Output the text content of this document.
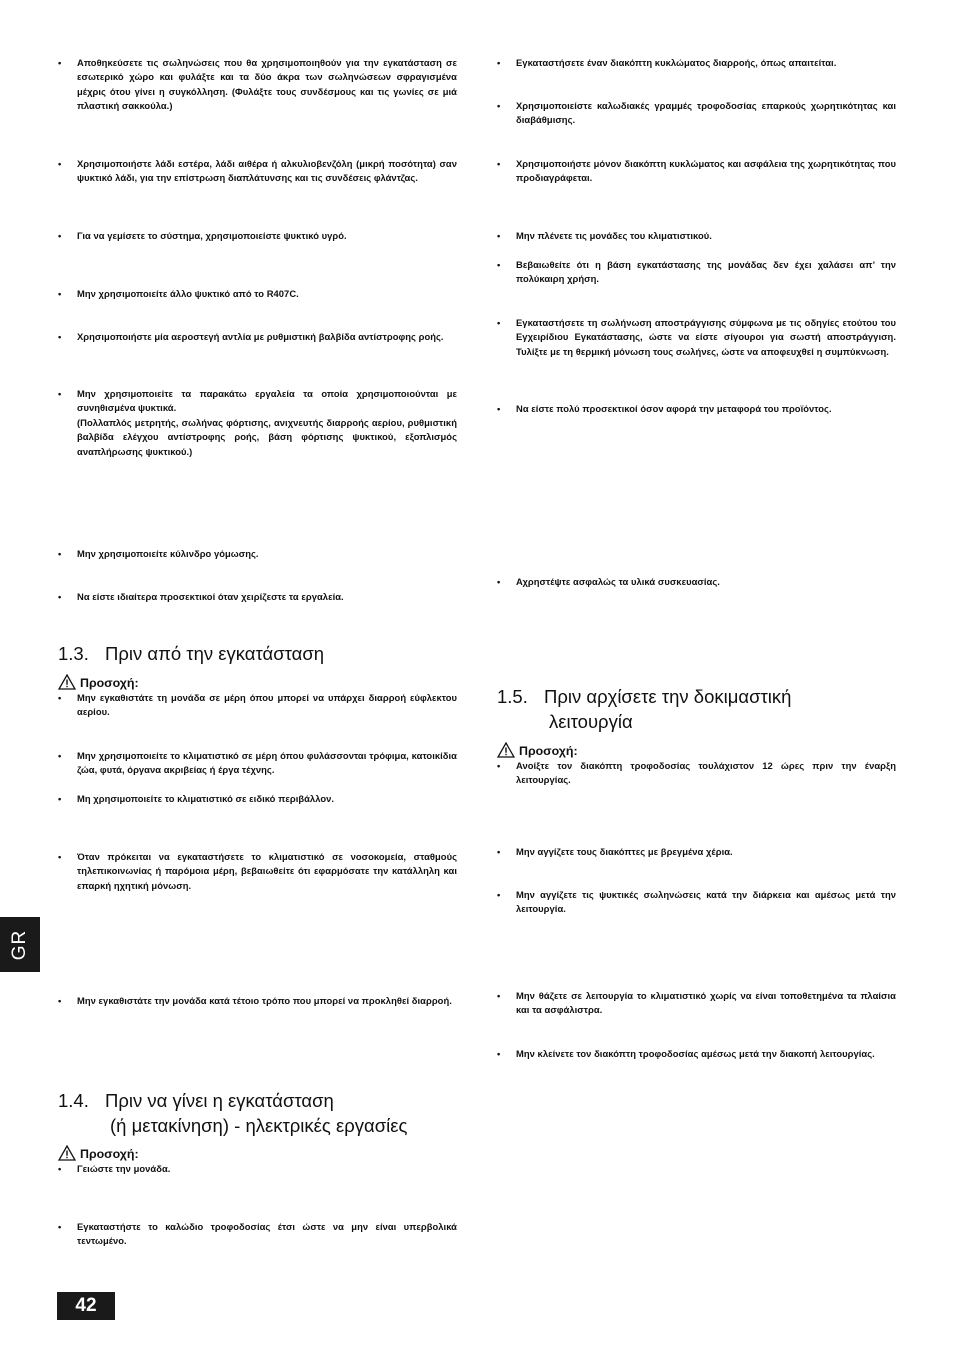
• Αποθηκεύσετε τις σωληνώσεις που θα χρησιμοποιηθούν για την εγκατάσταση σε εσωτερικό χώρο και φυλάξτε και τα δύο άκρα των σωληνώσεων σφραγισμένα μέχρις ότου γίνει η συγκόλληση. (Φυλάξτε τους συνδέσμους και τις γωνίες σε μιά πλαστική σακκούλα.)
• Χρησιμοποιήστε λάδι εστέρα, λάδι αιθέρα ή αλκυλιοβενζόλη (μικρή ποσότητα) σαν ψυκτικό λάδι, για την επίστρωση διαπλάτυνσης και τις συνδέσεις φλάντζας.
• Για να γεμίσετε το σύστημα, χρησιμοποιείστε ψυκτικό υγρό.
• Μην χρησιμοποιείτε άλλο ψυκτικό από το R407C.
• Χρησιμοποιήστε μία αεροστεγή αντλία με ρυθμιστική βαλβίδα αντίστροφης ροής.
• Μην χρησιμοποιείτε τα παρακάτω εργαλεία τα οποία χρησιμοποιούνται με συνηθισμένα ψυκτικά.
(Πολλαπλός μετρητής, σωλήνας φόρτισης, ανιχνευτής διαρροής αερίου, ρυθμιστική βαλβίδα ελέγχου αντίστροφης ροής, βάση φόρτισης ψυκτικού, εξοπλισμός αναπλήρωσης ψυκτικού.)
• Μην χρησιμοποιείτε κύλινδρο γόμωσης.
• Να είστε ιδιαίτερα προσεκτικοί όταν χειρίζεστε τα εργαλεία.
1.3. Πριν από την εγκατάσταση
Προσοχή:
• Μην εγκαθιστάτε τη μονάδα σε μέρη όπου μπορεί να υπάρχει διαρροή εύφλεκτου αερίου.
• Μην χρησιμοποιείτε το κλιματιστικό σε μέρη όπου φυλάσσονται τρόφιμα, κατοικίδια ζώα, φυτά, όργανα ακριβείας ή έργα τέχνης.
• Μη χρησιμοποιείτε το κλιματιστικό σε ειδικό περιβάλλον.
• Όταν πρόκειται να εγκαταστήσετε το κλιματιστικό σε νοσοκομεία, σταθμούς τηλεπικοινωνίας ή παρόμοια μέρη, βεβαιωθείτε ότι εφαρμόσατε την κατάλληλη και επαρκή ηχητική μόνωση.
• Μην εγκαθιστάτε την μονάδα κατά τέτοιο τρόπο που μπορεί να προκληθεί διαρροή.
1.4. Πριν να γίνει η εγκατάσταση
(ή μετακίνηση) - ηλεκτρικές εργασίες
Προσοχή:
• Γειώστε την μονάδα.
• Εγκαταστήστε το καλώδιο τροφοδοσίας έτσι ώστε να μην είναι υπερβολικά τεντωμένο.
• Εγκαταστήσετε έναν διακόπτη κυκλώματος διαρροής, όπως απαιτείται.
• Χρησιμοποιείστε καλωδιακές γραμμές τροφοδοσίας επαρκούς χωρητικότητας και διαβάθμισης.
• Χρησιμοποιήστε μόνον διακόπτη κυκλώματος και ασφάλεια της χωρητικότητας που προδιαγράφεται.
• Μην πλένετε τις μονάδες του κλιματιστικού.
• Βεβαιωθείτε ότι η βάση εγκατάστασης της μονάδας δεν έχει χαλάσει απ’ την πολύκαιρη χρήση.
• Εγκαταστήσετε τη σωλήνωση αποστράγγισης σύμφωνα με τις οδηγίες ετούτου του Εγχειρίδιου Εγκατάστασης, ώστε να είστε σίγουροι για σωστή αποστράγγιση. Τυλίξτε με τη θερμική μόνωση τους σωλήνες, ώστε να αποφευχθεί η συμπύκνωση.
• Να είστε πολύ προσεκτικοί όσον αφορά την μεταφορά του προϊόντος.
• Αχρηστέψτε ασφαλώς τα υλικά συσκευασίας.
1.5. Πριν αρχίσετε την δοκιμαστική
λειτουργία
Προσοχή:
• Ανοίξτε τον διακόπτη τροφοδοσίας τουλάχιστον 12 ώρες πριν την έναρξη λειτουργίας.
• Μην αγγίζετε τους διακόπτες με βρεγμένα χέρια.
• Μην αγγίζετε τις ψυκτικές σωληνώσεις κατά την διάρκεια και αμέσως μετά την λειτουργία.
• Μην θάζετε σε λειτουργία το κλιματιστικό χωρίς να είναι τοποθετημένα τα πλαίσια και τα ασφάλιστρα.
• Μην κλείνετε τον διακόπτη τροφοδοσίας αμέσως μετά την διακοπή λειτουργίας.
GR
42
